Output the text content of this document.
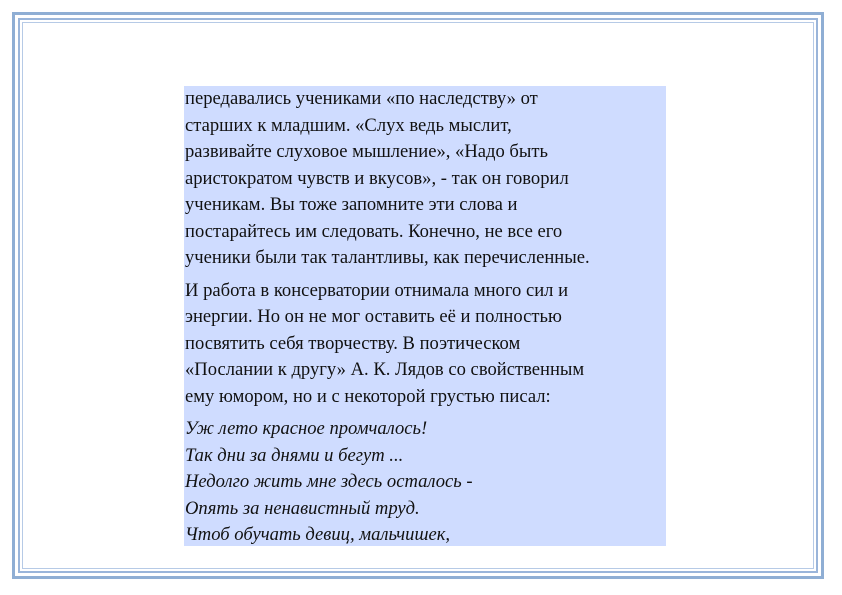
передавались учениками «по наследству» от
старших к младшим. «Слух ведь мыслит,
развивайте слуховое мышление», «Надо быть
аристократом чувств и вкусов», - так он говорил
ученикам. Вы тоже запомните эти слова и
постарайтесь им следовать. Конечно, не все его
ученики были так талантливы, как перечисленные.
И работа в консерватории отнимала много сил и
энергии. Но он не мог оставить её и полностью
посвятить себя творчеству. В поэтическом
«Послании к другу» А. К. Лядов со свойственным
ему юмором, но и с некоторой грустью писал:
Уж лето красное промчалось!
Так дни за днями и бегут ...
Недолго жить мне здесь осталось -
Опять за ненавистный труд.
Чтоб обучать девиц, мальчишек,
